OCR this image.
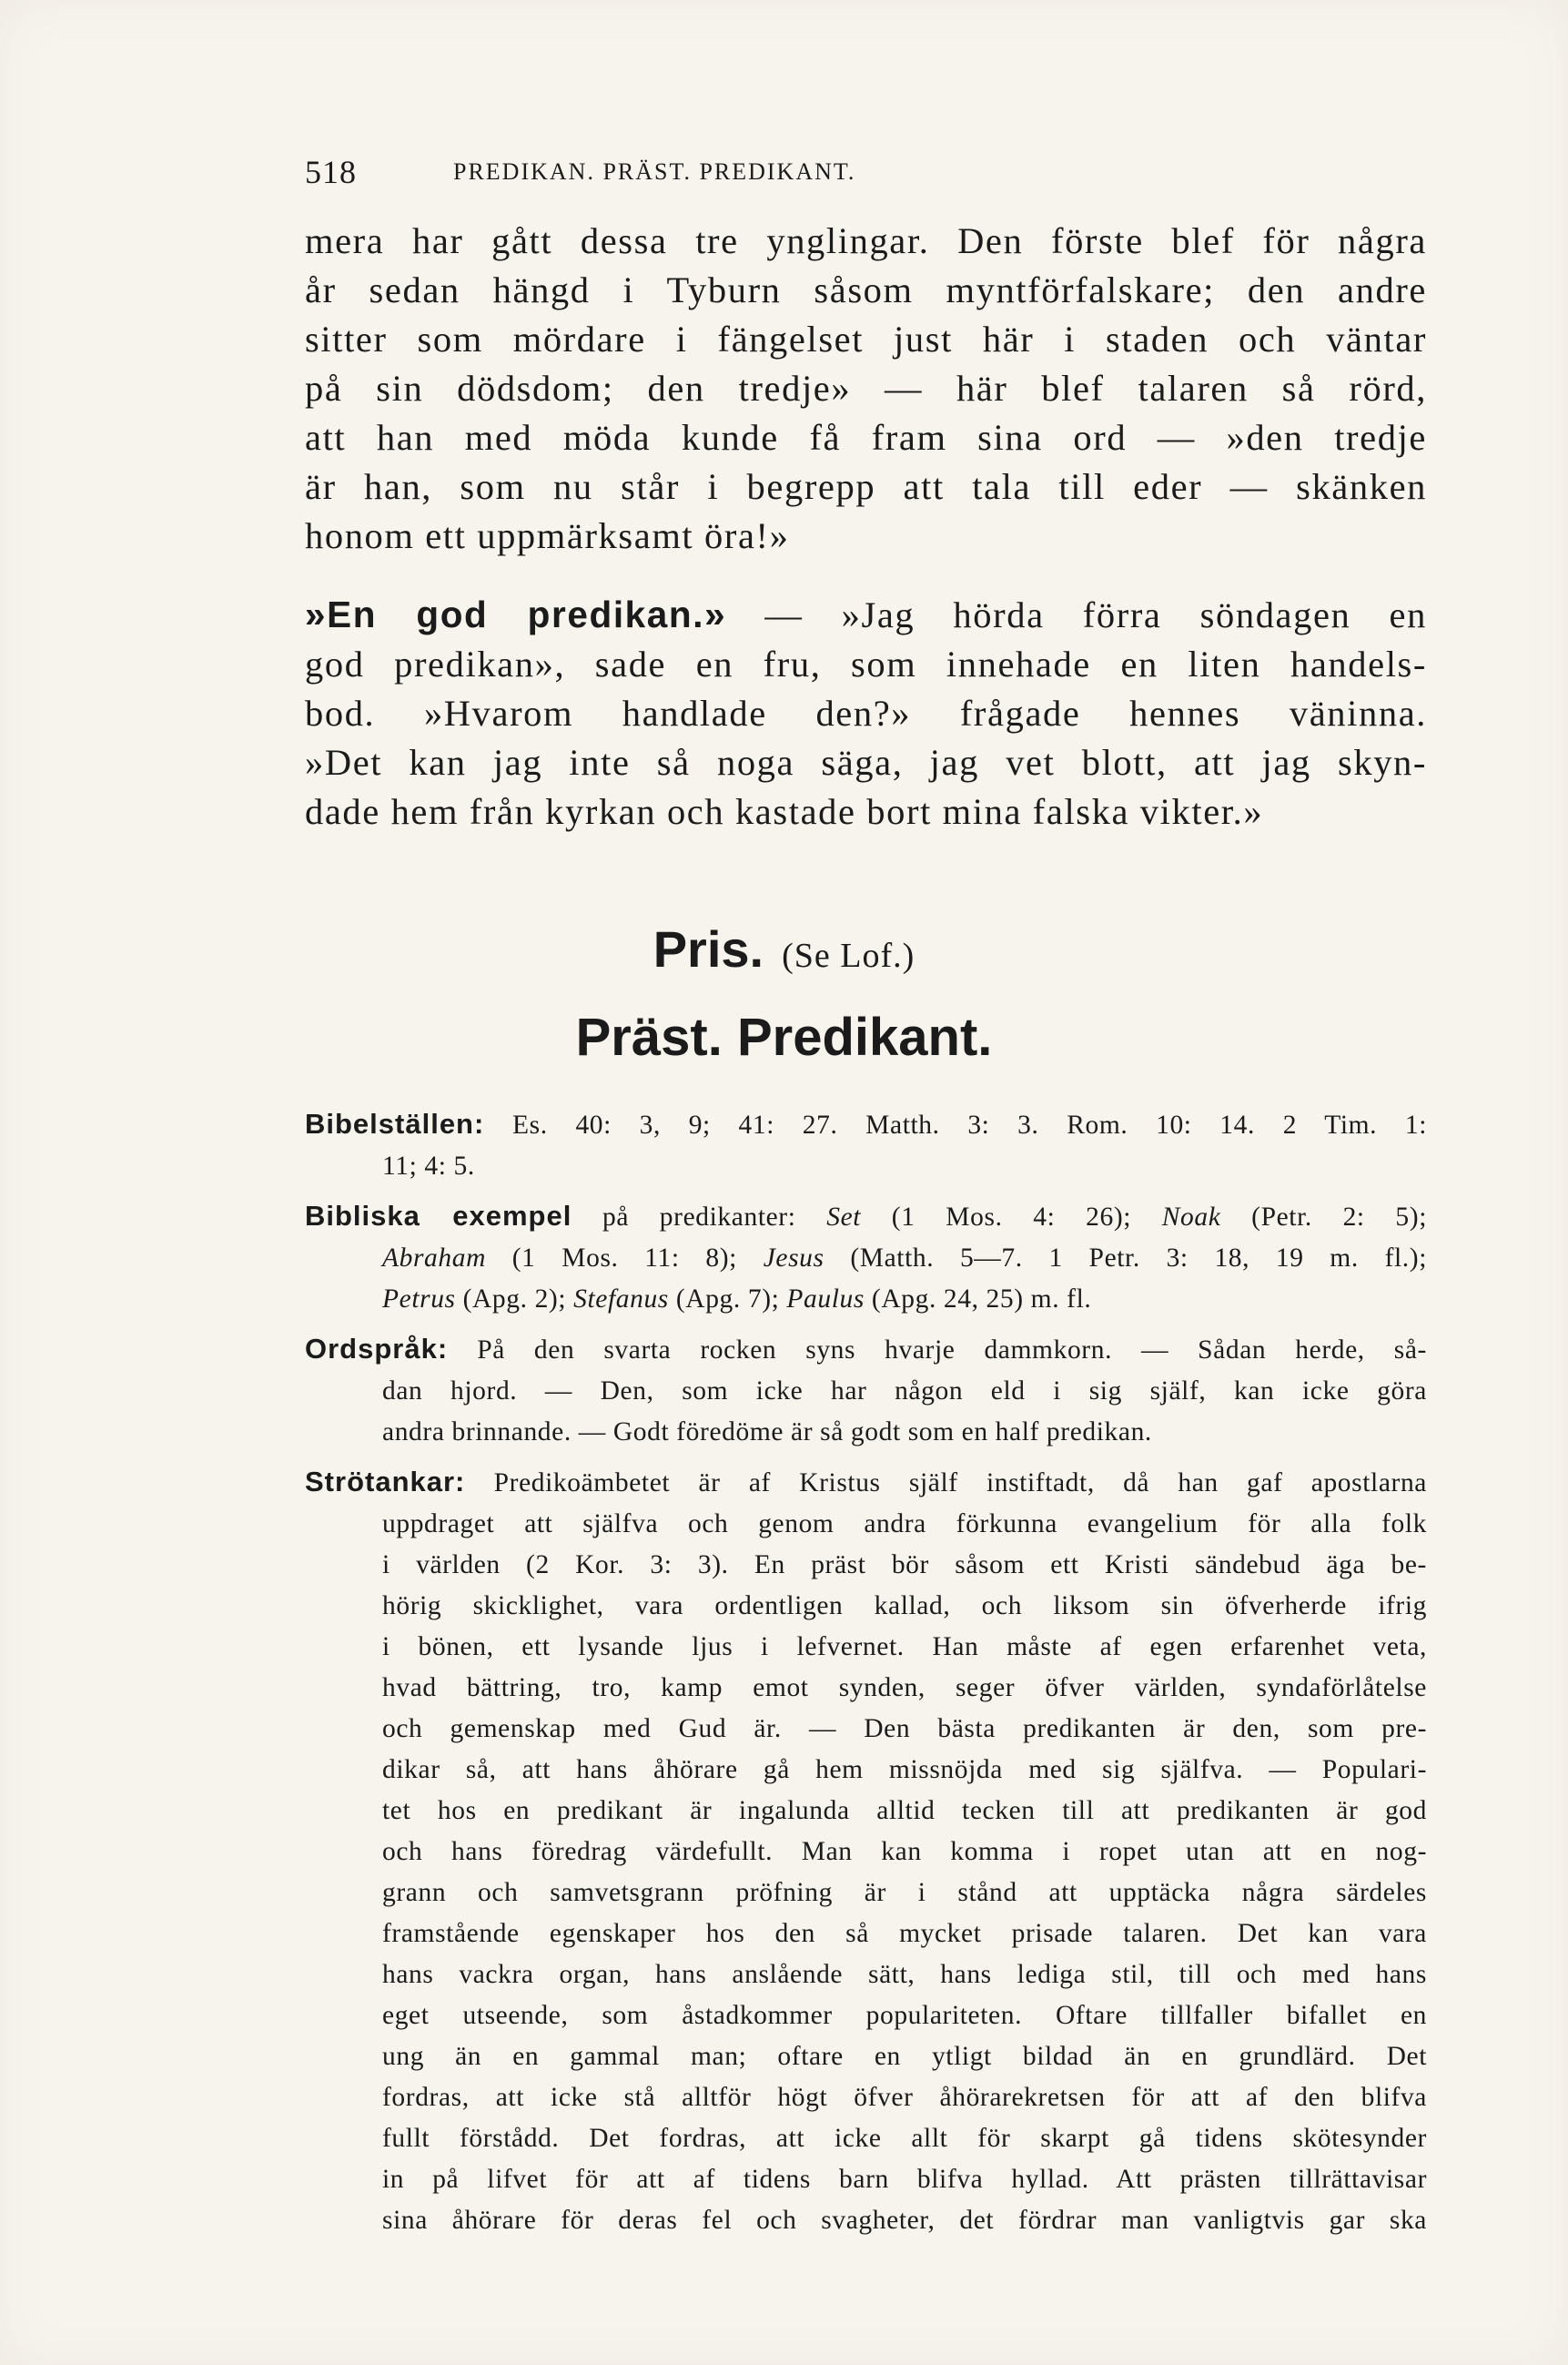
518	PREDIKAN. PRÄST. PREDIKANT.
mera har gått dessa tre ynglingar. Den förste blef för några
år sedan hängd i Tyburn såsom myntförfalskare; den andre
sitter som mördare i fängelset just här i staden och väntar
på sin dödsdom; den tredje» — här blef talaren så rörd,
att han med möda kunde få fram sina ord — »den tredje
är han, som nu står i begrepp att tala till eder — skänken
honom ett uppmärksamt öra!»
»En god predikan.» — »Jag hörda förra söndagen en
god predikan», sade en fru, som innehade en liten handels-
bod. »Hvarom handlade den?» frågade hennes väninna.
»Det kan jag inte så noga säga, jag vet blott, att jag skyn-
dade hem från kyrkan och kastade bort mina falska vikter.»
Pris. (Se Lof.)
Präst. Predikant.
Bibelställen: Es. 40: 3, 9; 41: 27. Matth. 3: 3. Rom. 10: 14. 2 Tim. 1:
11; 4: 5.
Bibliska exempel på predikanter: Set (1 Mos. 4: 26); Noak (Petr. 2: 5);
Abraham (1 Mos. 11: 8); Jesus (Matth. 5—7. 1 Petr. 3: 18, 19 m. fl.);
Petrus (Apg. 2); Stefanus (Apg. 7); Paulus (Apg. 24, 25) m. fl.
Ordspråk: På den svarta rocken syns hvarje dammkorn. — Sådan herde, så-
dan hjord. — Den, som icke har någon eld i sig själf, kan icke göra
andra brinnande. — Godt föredöme är så godt som en half predikan.
Strötankar: Predikoämbetet är af Kristus själf instiftadt, då han gaf apostlarna
uppdraget att själfva och genom andra förkunna evangelium för alla folk
i världen (2 Kor. 3: 3). En präst bör såsom ett Kristi sändebud äga be-
hörig skicklighet, vara ordentligen kallad, och liksom sin öfverherde ifrig
i bönen, ett lysande ljus i lefvernet. Han måste af egen erfarenhet veta,
hvad bättring, tro, kamp emot synden, seger öfver världen, syndaförlåtelse
och gemenskap med Gud är. — Den bästa predikanten är den, som pre-
dikar så, att hans åhörare gå hem missnöjda med sig själfva. — Populari-
tet hos en predikant är ingalunda alltid tecken till att predikanten är god
och hans föredrag värdefullt. Man kan komma i ropet utan att en nog-
grann och samvetsgrann pröfning är i stånd att upptäcka några särdeles
framstående egenskaper hos den så mycket prisade talaren. Det kan vara
hans vackra organ, hans anslående sätt, hans lediga stil, till och med hans
eget utseende, som åstadkommer populariteten. Oftare tillfaller bifallet en
ung än en gammal man; oftare en ytligt bildad än en grundlärd. Det
fordras, att icke stå alltför högt öfver åhörarekretsen för att af den blifva
fullt förstådd. Det fordras, att icke allt för skarpt gå tidens skötesynder
in på lifvet för att af tidens barn blifva hyllad. Att prästen tillrättavisar
sina åhörare för deras fel och svagheter, det fördrar man vanligtvis gar ska
